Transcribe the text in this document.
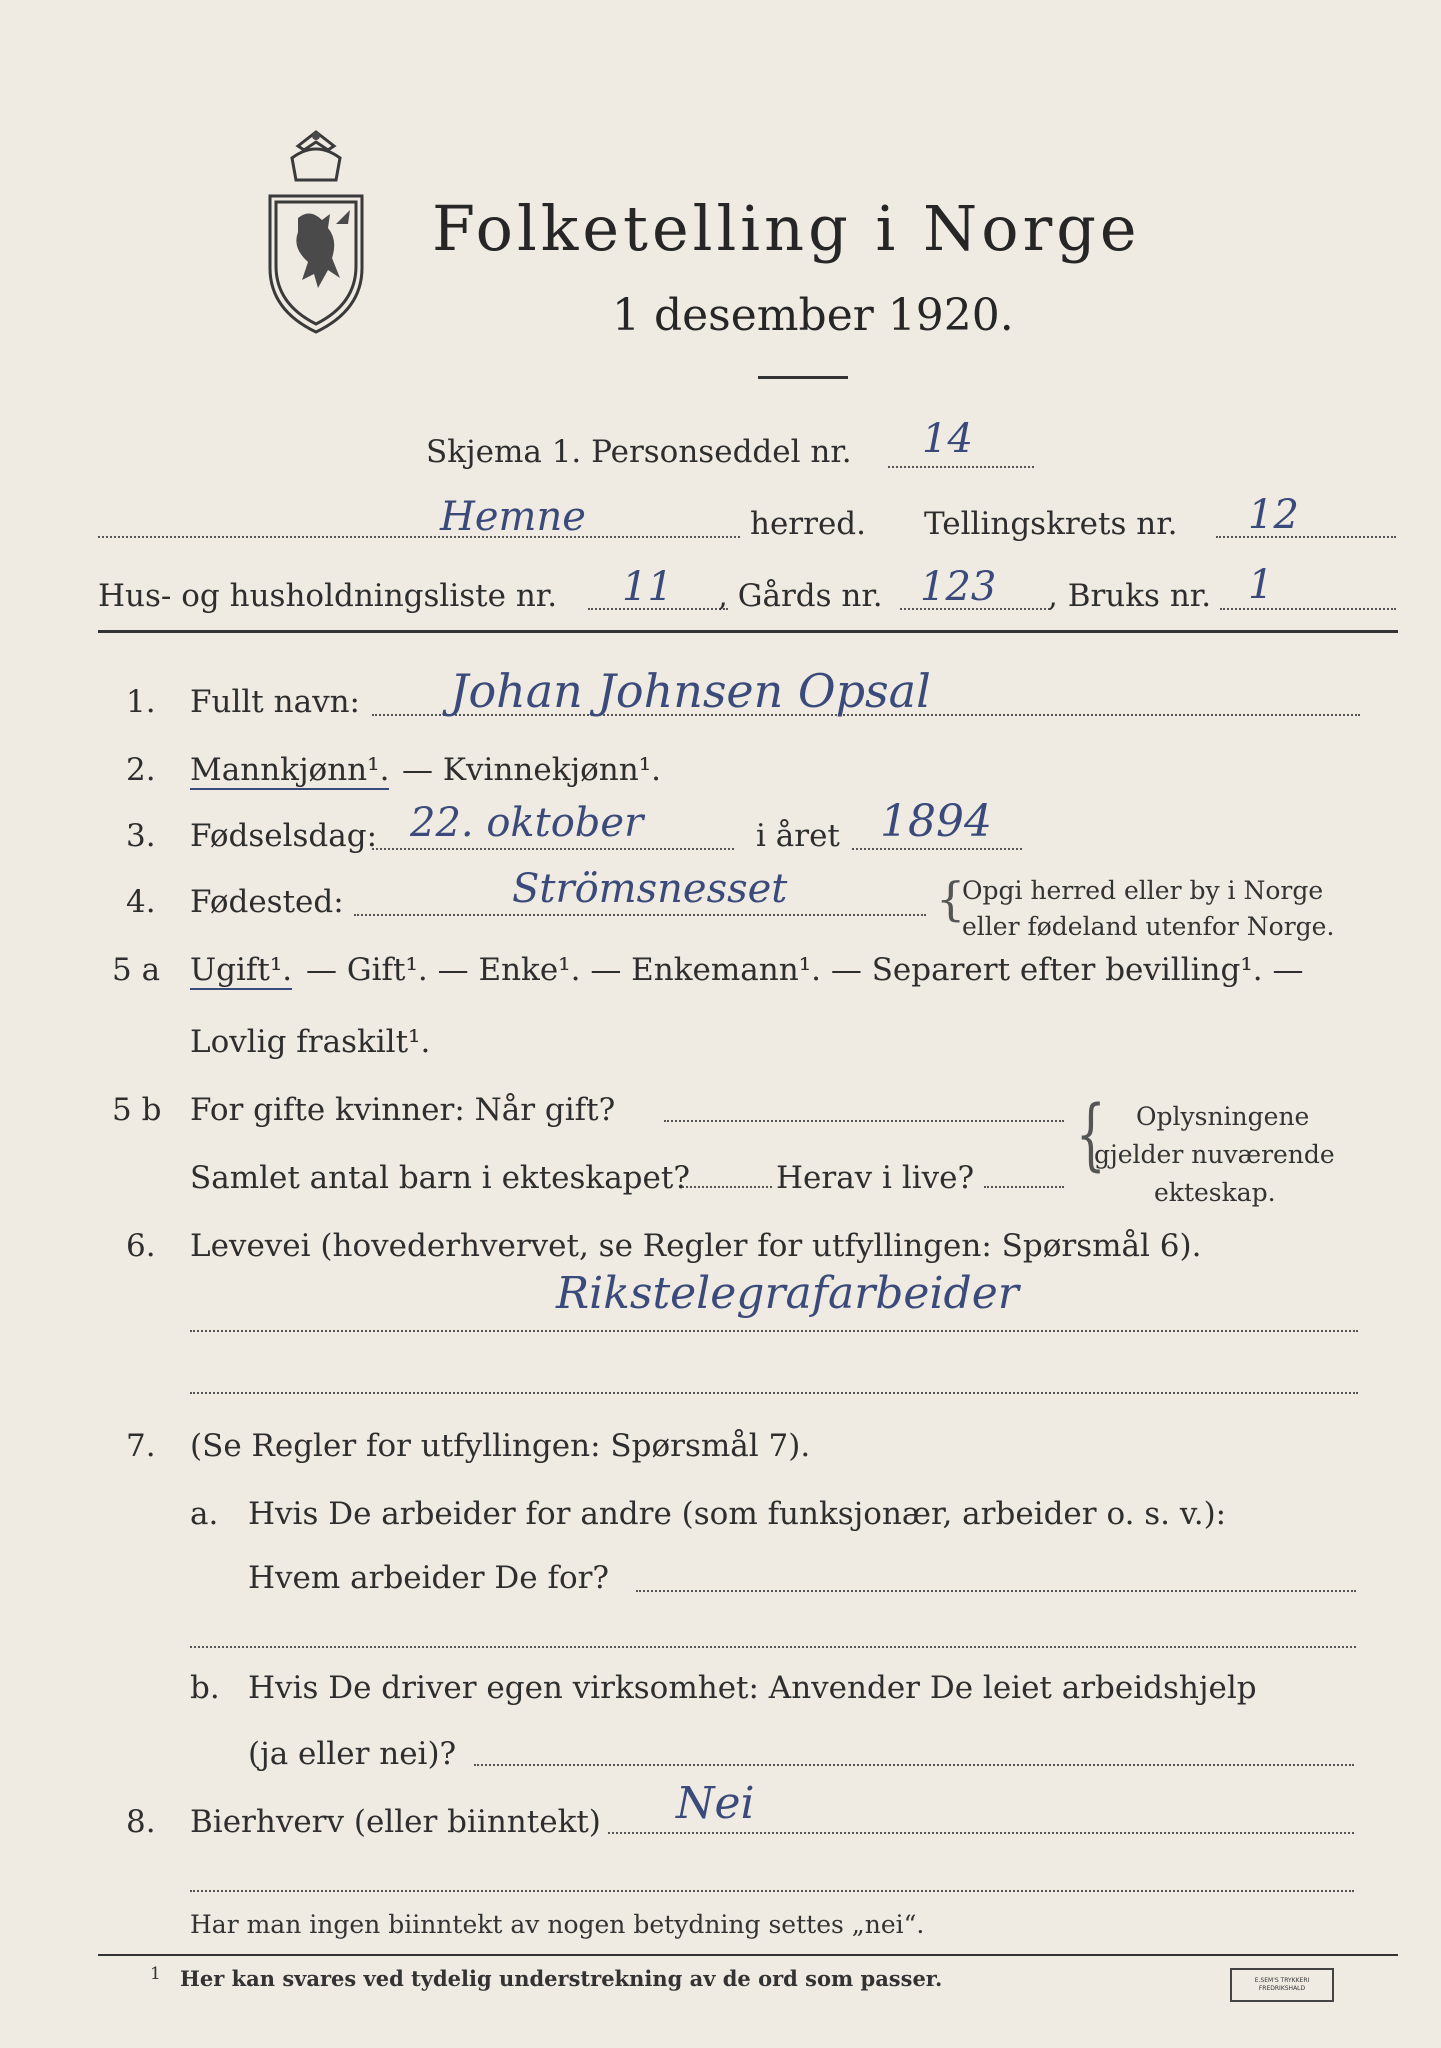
Folketelling i Norge
1 desember 1920.
Skjema 1. Personseddel nr. 14
Hemne	herred. Tellingskrets nr. 12
Hus- og husholdningsliste nr. 11 , Gårds nr. 123 , Bruks nr. 1
1. Fullt navn: Johan Johnsen Opsal
2. Mannkjønn¹. — Kvinnekjønn¹.
3. Fødselsdag: 22. oktober	i året 1894
4. Fødested:	Strömsnesset	{
Opgi herred eller by i Norge
eller fødeland utenfor Norge.
5 a Ugift¹. — Gift¹. — Enke¹. — Enkemann¹. — Separert efter bevilling¹. —
Lovlig fraskilt¹.
5 b For gifte kvinner: Når gift?
Samlet antal barn i ekteskapet?	Herav i live? { Oplysningene
gjelder nuværende
ekteskap.
6. Levevei (hovederhvervet, se Regler for utfyllingen: Spørsmål 6).
Rikstelegrafarbeider
7. (Se Regler for utfyllingen: Spørsmål 7).
a. Hvis De arbeider for andre (som funksjonær, arbeider o. s. v.):
Hvem arbeider De for?
b. Hvis De driver egen virksomhet: Anvender De leiet arbeidshjelp
(ja eller nei)?
8. Bierhverv (eller biinntekt) Nei
Har man ingen biinntekt av nogen betydning settes „nei“.
1 Her kan svares ved tydelig understrekning av de ord som passer.	E.SEM'S TRYKKERI FREDRIKSHALD
